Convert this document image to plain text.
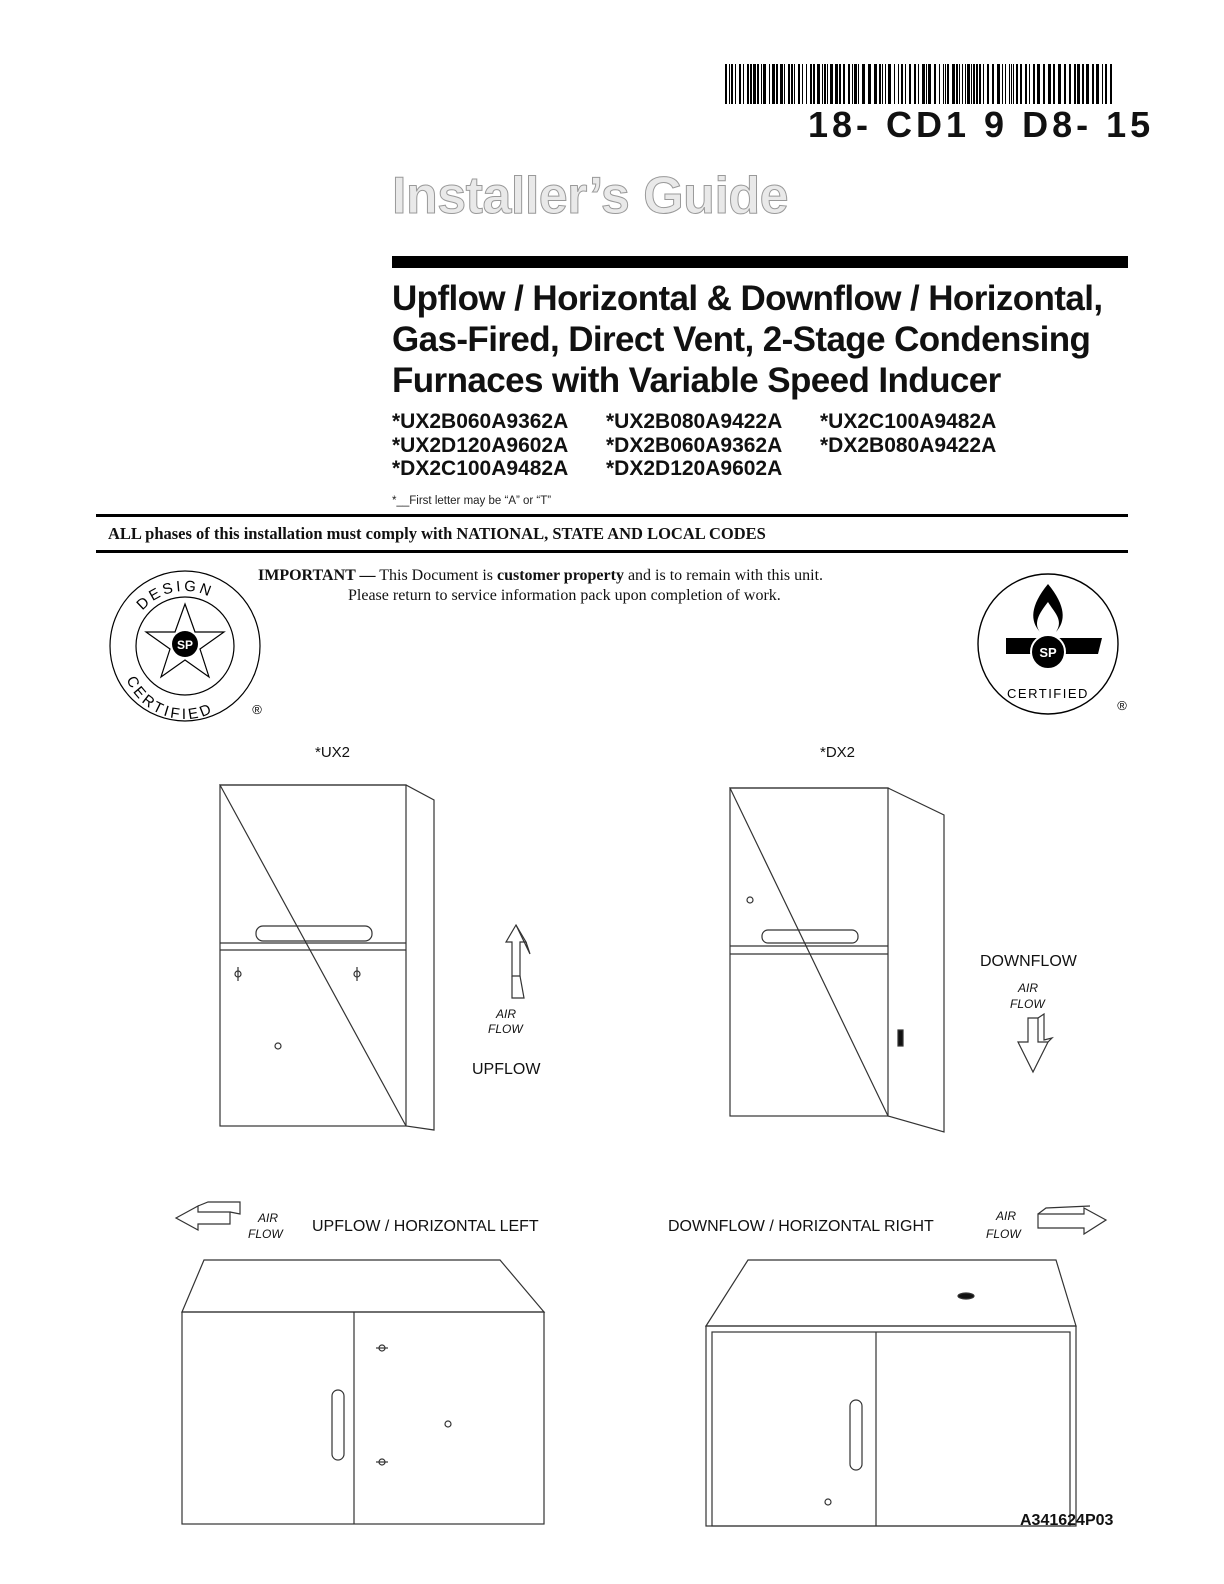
18- CD1 9 D8- 15
Installer’s Guide
Upflow / Horizontal & Downflow / Horizontal,
Gas-Fired, Direct Vent, 2-Stage Condensing
Furnaces with Variable Speed Inducer
*UX2B060A9362A *UX2B080A9422A *UX2C100A9482A
*UX2D120A9602A *DX2B060A9362A *DX2B080A9422A
*DX2C100A9482A *DX2D120A9602A
*__First letter may be “A” or “T”
ALL phases of this installation must comply with NATIONAL, STATE AND LOCAL CODES
IMPORTANT — This Document is customer property and is to remain with this unit.
Please return to service information pack upon completion of work.
DESIGN
CERTIFIED
SP
®
SP
CERTIFIED
®
*UX2
AIR
FLOW
UPFLOW
*DX2
DOWNFLOW
AIR
FLOW
AIR
FLOW UPFLOW / HORIZONTAL LEFT	DOWNFLOW / HORIZONTAL RIGHT
AIR
FLOW
A341624P03
